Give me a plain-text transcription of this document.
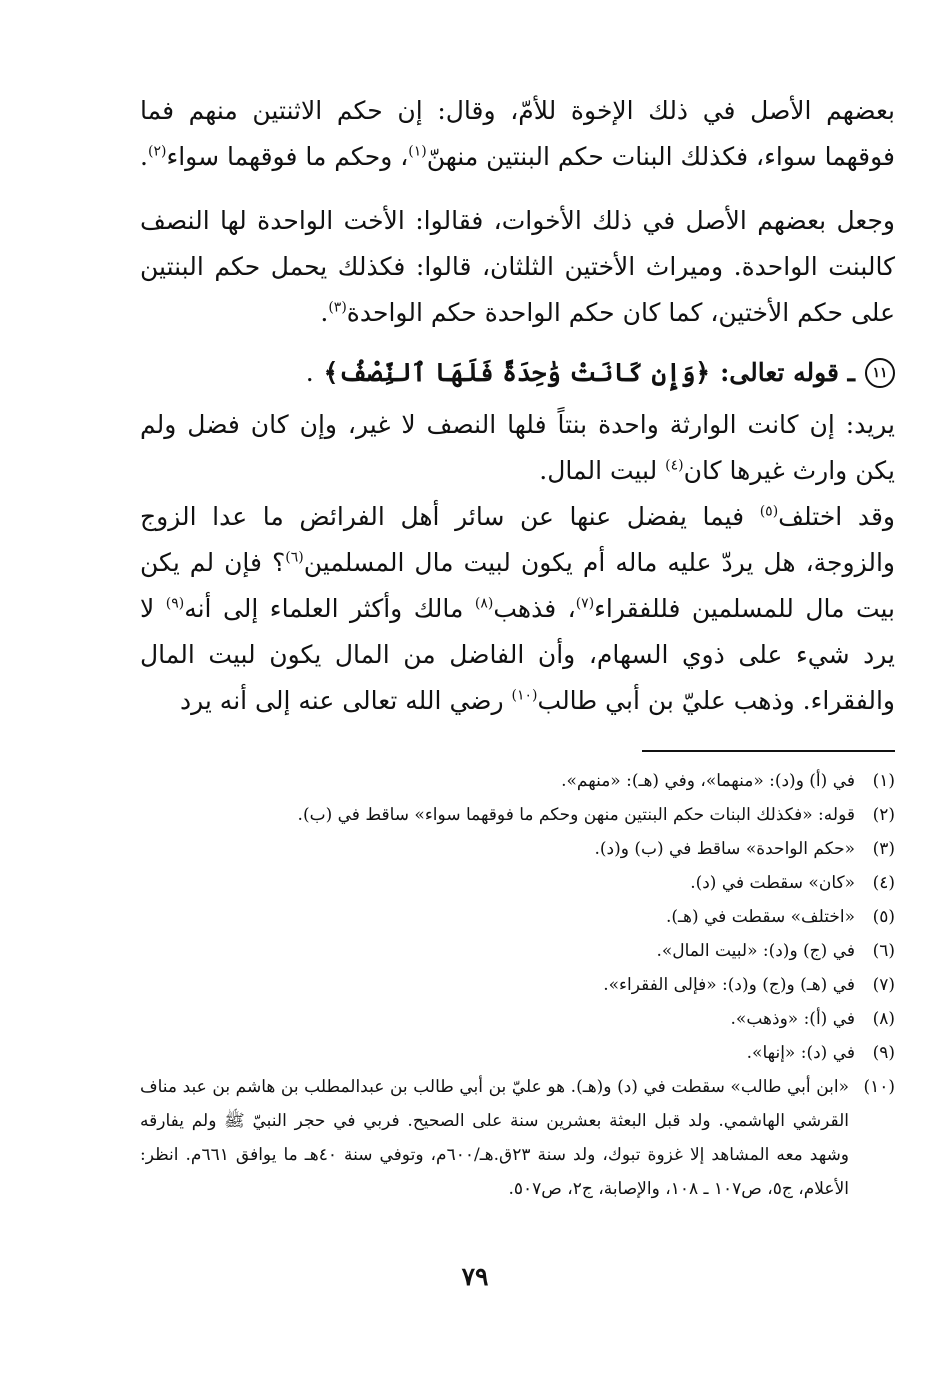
بعضهم الأصل في ذلك الإخوة للأمّ، وقال: إن حكم الاثنتين منهم فما فوقهما سواء، فكذلك البنات حكم البنتين منهنّ$^{(١)}$، وحكم ما فوقهما سواء$^{(٢)}$.

وجعل بعضهم الأصل في ذلك الأخوات، فقالوا: الأخت الواحدة لها النصف كالبنت الواحدة. وميراث الأختين الثلثان، قالوا: فكذلك يحمل حكم البنتين على حكم الأختين، كما كان حكم الواحدة حكم الواحدة$^{(٣)}$.

١١
ـ قوله تعالى:
﴿وَإِن كَانَتْ وَٰحِدَةً فَلَهَا ٱلنِّصْفُ﴾
.

يريد: إن كانت الوارثة واحدة بنتاً فلها النصف لا غير، وإن كان فضل ولم يكن وارث غيرها كان$^{(٤)}$ لبيت المال.

وقد اختلف$^{(٥)}$ فيما يفضل عنها عن سائر أهل الفرائض ما عدا الزوج والزوجة، هل يردّ عليه ماله أم يكون لبيت مال المسلمين$^{(٦)}$؟ فإن لم يكن بيت مال للمسلمين فللفقراء$^{(٧)}$، فذهب$^{(٨)}$ مالك وأكثر العلماء إلى أنه$^{(٩)}$ لا يرد شيء على ذوي السهام، وأن الفاضل من المال يكون لبيت المال والفقراء. وذهب عليّ بن أبي طالب$^{(١٠)}$ رضي الله تعالى عنه إلى أنه يرد

(١)
في (أ) و(د): «منهما»، وفي (هـ): «منهم».

(٢)
قوله: «فكذلك البنات حكم البنتين منهن وحكم ما فوقهما سواء» ساقط في (ب).

(٣)
«حكم الواحدة» ساقط في (ب) و(د).

(٤)
«كان» سقطت في (د).

(٥)
«اختلف» سقطت في (هـ).

(٦)
في (ج) و(د): «لبيت المال».

(٧)
في (هـ) و(ج) و(د): «فإلى الفقراء».

(٨)
في (أ): «وذهب».

(٩)
في (د): «إنها».

(١٠)
«ابن أبي طالب» سقطت في (د) و(هـ). هو عليّ بن أبي طالب بن عبدالمطلب بن هاشم بن عبد مناف القرشي الهاشمي. ولد قبل البعثة بعشرين سنة على الصحيح. فربي في حجر النبيّ ﷺ ولم يفارقه وشهد معه المشاهد إلا غزوة تبوك، ولد سنة ٢٣ق.هـ/٦٠٠م، وتوفي سنة ٤٠هـ ما يوافق ٦٦١م. انظر: الأعلام، ج٥، ص١٠٧ ـ ١٠٨، والإصابة، ج٢، ص٥٠٧.

٧٩
